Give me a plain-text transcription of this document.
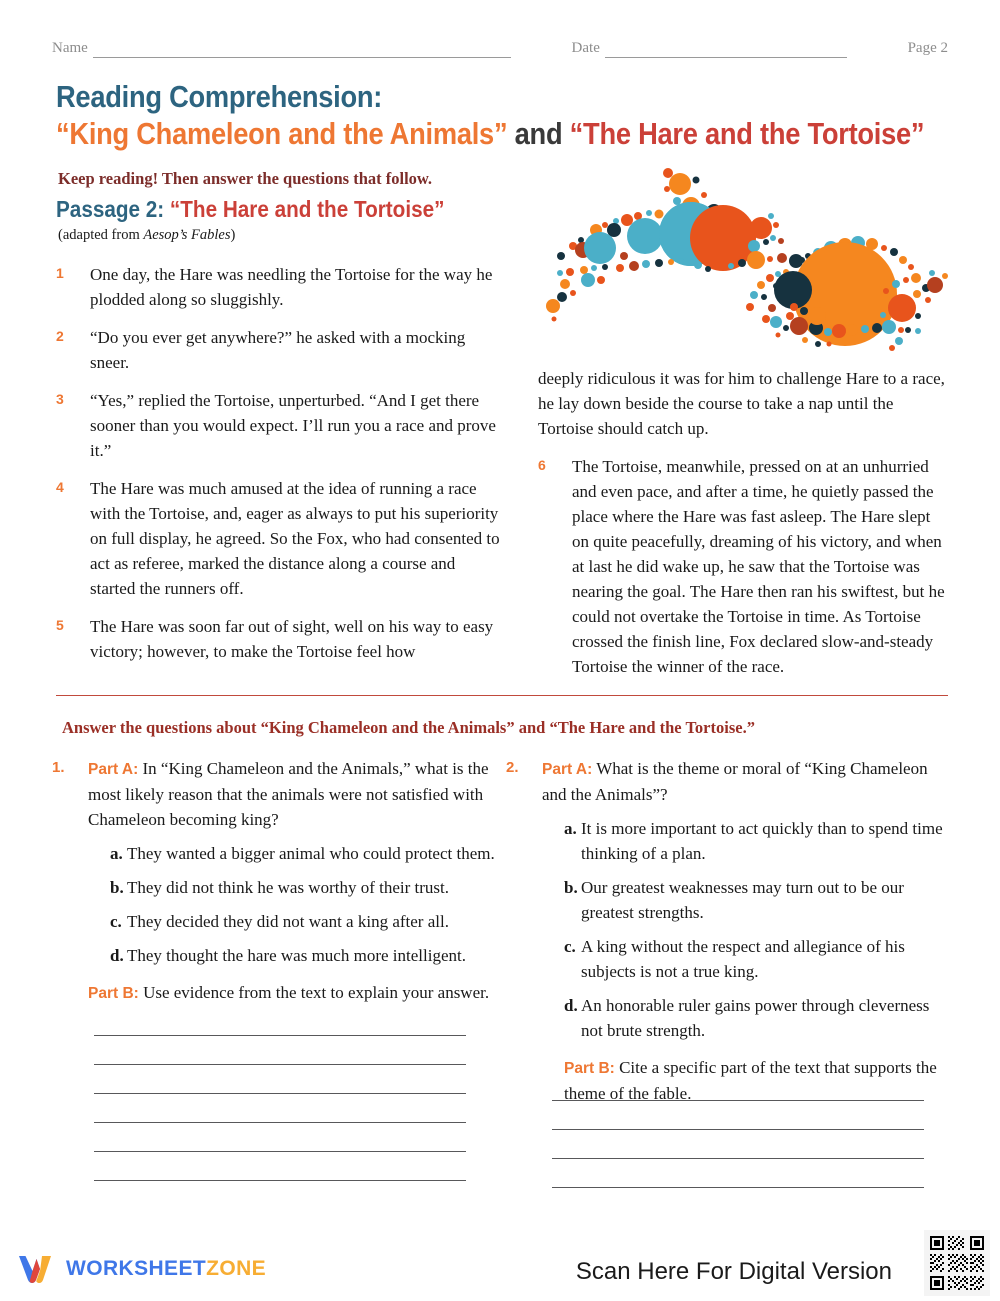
Name	Date	Page 2
Reading Comprehension:
“King Chameleon and the Animals” and “The Hare and the Tortoise”
Keep reading! Then answer the questions that follow.
Passage 2: “The Hare and the Tortoise”
(adapted from Aesop’s Fables)
1	One day, the Hare was needling the Tortoise for the way he plodded along so sluggishly.
2	“Do you ever get anywhere?” he asked with a mocking sneer.
3	“Yes,” replied the Tortoise, unperturbed. “And I get there sooner than you would expect. I’ll run you a race and prove it.”
4	The Hare was much amused at the idea of running a race with the Tortoise, and, eager as always to put his superiority on full display, he agreed. So the Fox, who had consented to act as referee, marked the distance along a course and started the runners off.
5	The Hare was soon far out of sight, well on his way to easy victory; however, to make the Tortoise feel how
deeply ridiculous it was for him to challenge Hare to a race, he lay down beside the course to take a nap until the Tortoise should catch up.
6	The Tortoise, meanwhile, pressed on at an unhurried and even pace, and after a time, he quietly passed the place where the Hare was fast asleep. The Hare slept on quite peacefully, dreaming of his victory, and when at last he did wake up, he saw that the Tortoise was nearing the goal. The Hare then ran his swiftest, but he could not overtake the Tortoise in time. As Tortoise crossed the finish line, Fox declared slow-and-steady Tortoise the winner of the race.
Answer the questions about “King Chameleon and the Animals” and “The Hare and the Tortoise.”
1.	Part A: In “King Chameleon and the Animals,” what is the most likely reason that the animals were not satisfied with Chameleon becoming king?

a. They wanted a bigger animal who could protect them.
b. They did not think he was worthy of their trust.
c. They decided they did not want a king after all.
d. They thought the hare was much more intelligent.

Part B: Use evidence from the text to explain your answer.

2.	Part A: What is the theme or moral of “King Chameleon and the Animals”?

a. It is more important to act quickly than to spend time thinking of a plan.
b. Our greatest weaknesses may turn out to be our greatest strengths.
c. A king without the respect and allegiance of his subjects is not a true king.
d. An honorable ruler gains power through cleverness not brute strength.

Part B: Cite a specific part of the text that supports the theme of the fable.

WORKSHEETZONE	Scan Here For Digital Version
